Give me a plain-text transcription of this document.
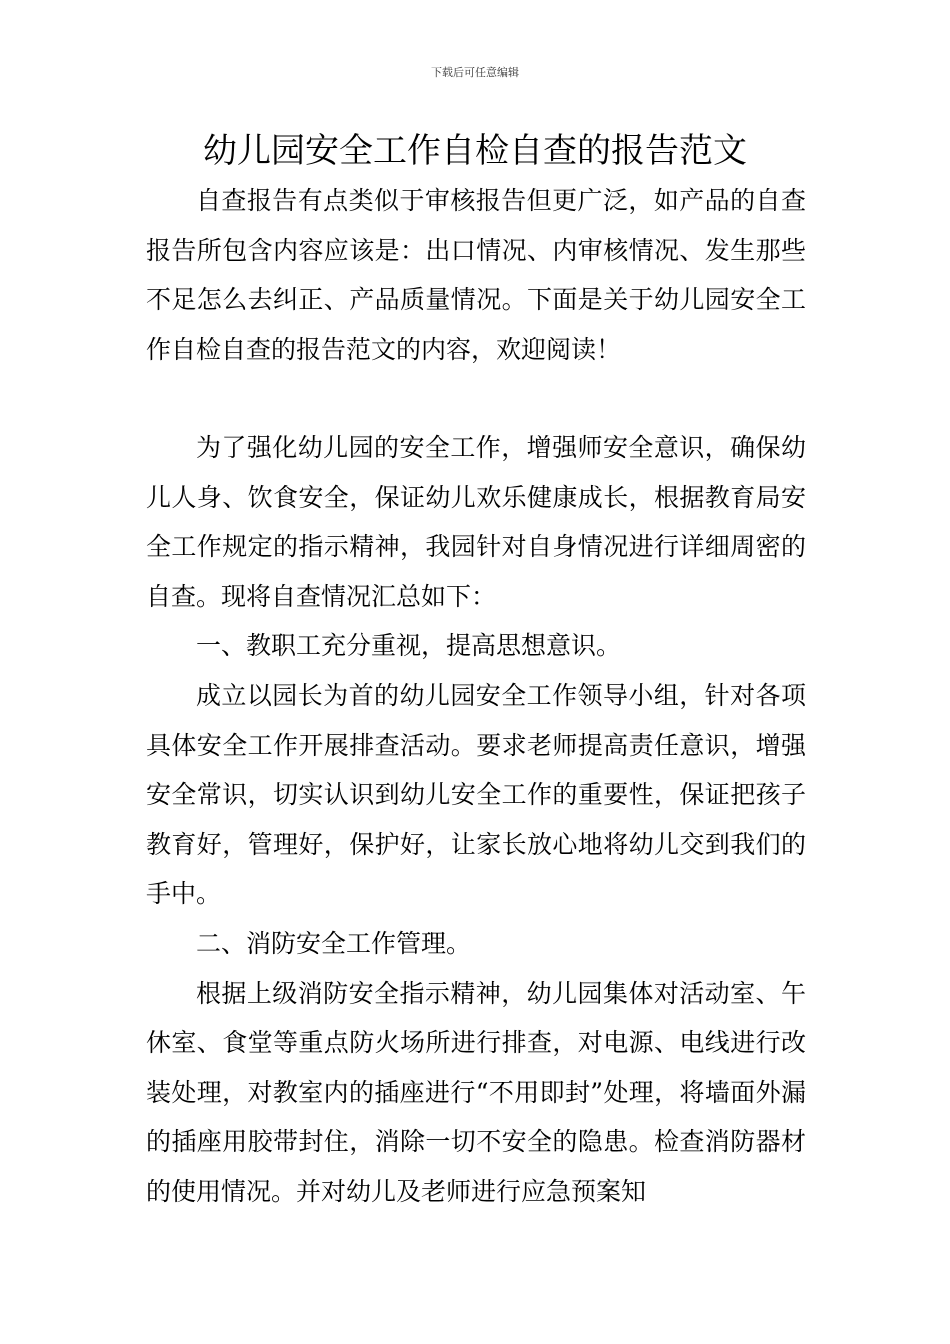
下载后可任意编辑
幼儿园安全工作自检自查的报告范文

自查报告有点类似于审核报告但更广泛，如产品的自查报告所包含内容应该是：出口情况、内审核情况、发生那些不足怎么去纠正、产品质量情况。下面是关于幼儿园安全工作自检自查的报告范文的内容，欢迎阅读！

为了强化幼儿园的安全工作，增强师安全意识，确保幼儿人身、饮食安全，保证幼儿欢乐健康成长，根据教育局安全工作规定的指示精神，我园针对自身情况进行详细周密的自查。现将自查情况汇总如下：

一、教职工充分重视，提高思想意识。

成立以园长为首的幼儿园安全工作领导小组，针对各项具体安全工作开展排查活动。要求老师提高责任意识，增强安全常识，切实认识到幼儿安全工作的重要性，保证把孩子教育好，管理好，保护好，让家长放心地将幼儿交到我们的手中。

二、消防安全工作管理。

根据上级消防安全指示精神，幼儿园集体对活动室、午休室、食堂等重点防火场所进行排查，对电源、电线进行改装处理，对教室内的插座进行“不用即封”处理，将墙面外漏的插座用胶带封住，消除一切不安全的隐患。检查消防器材的使用情况。并对幼儿及老师进行应急预案知
